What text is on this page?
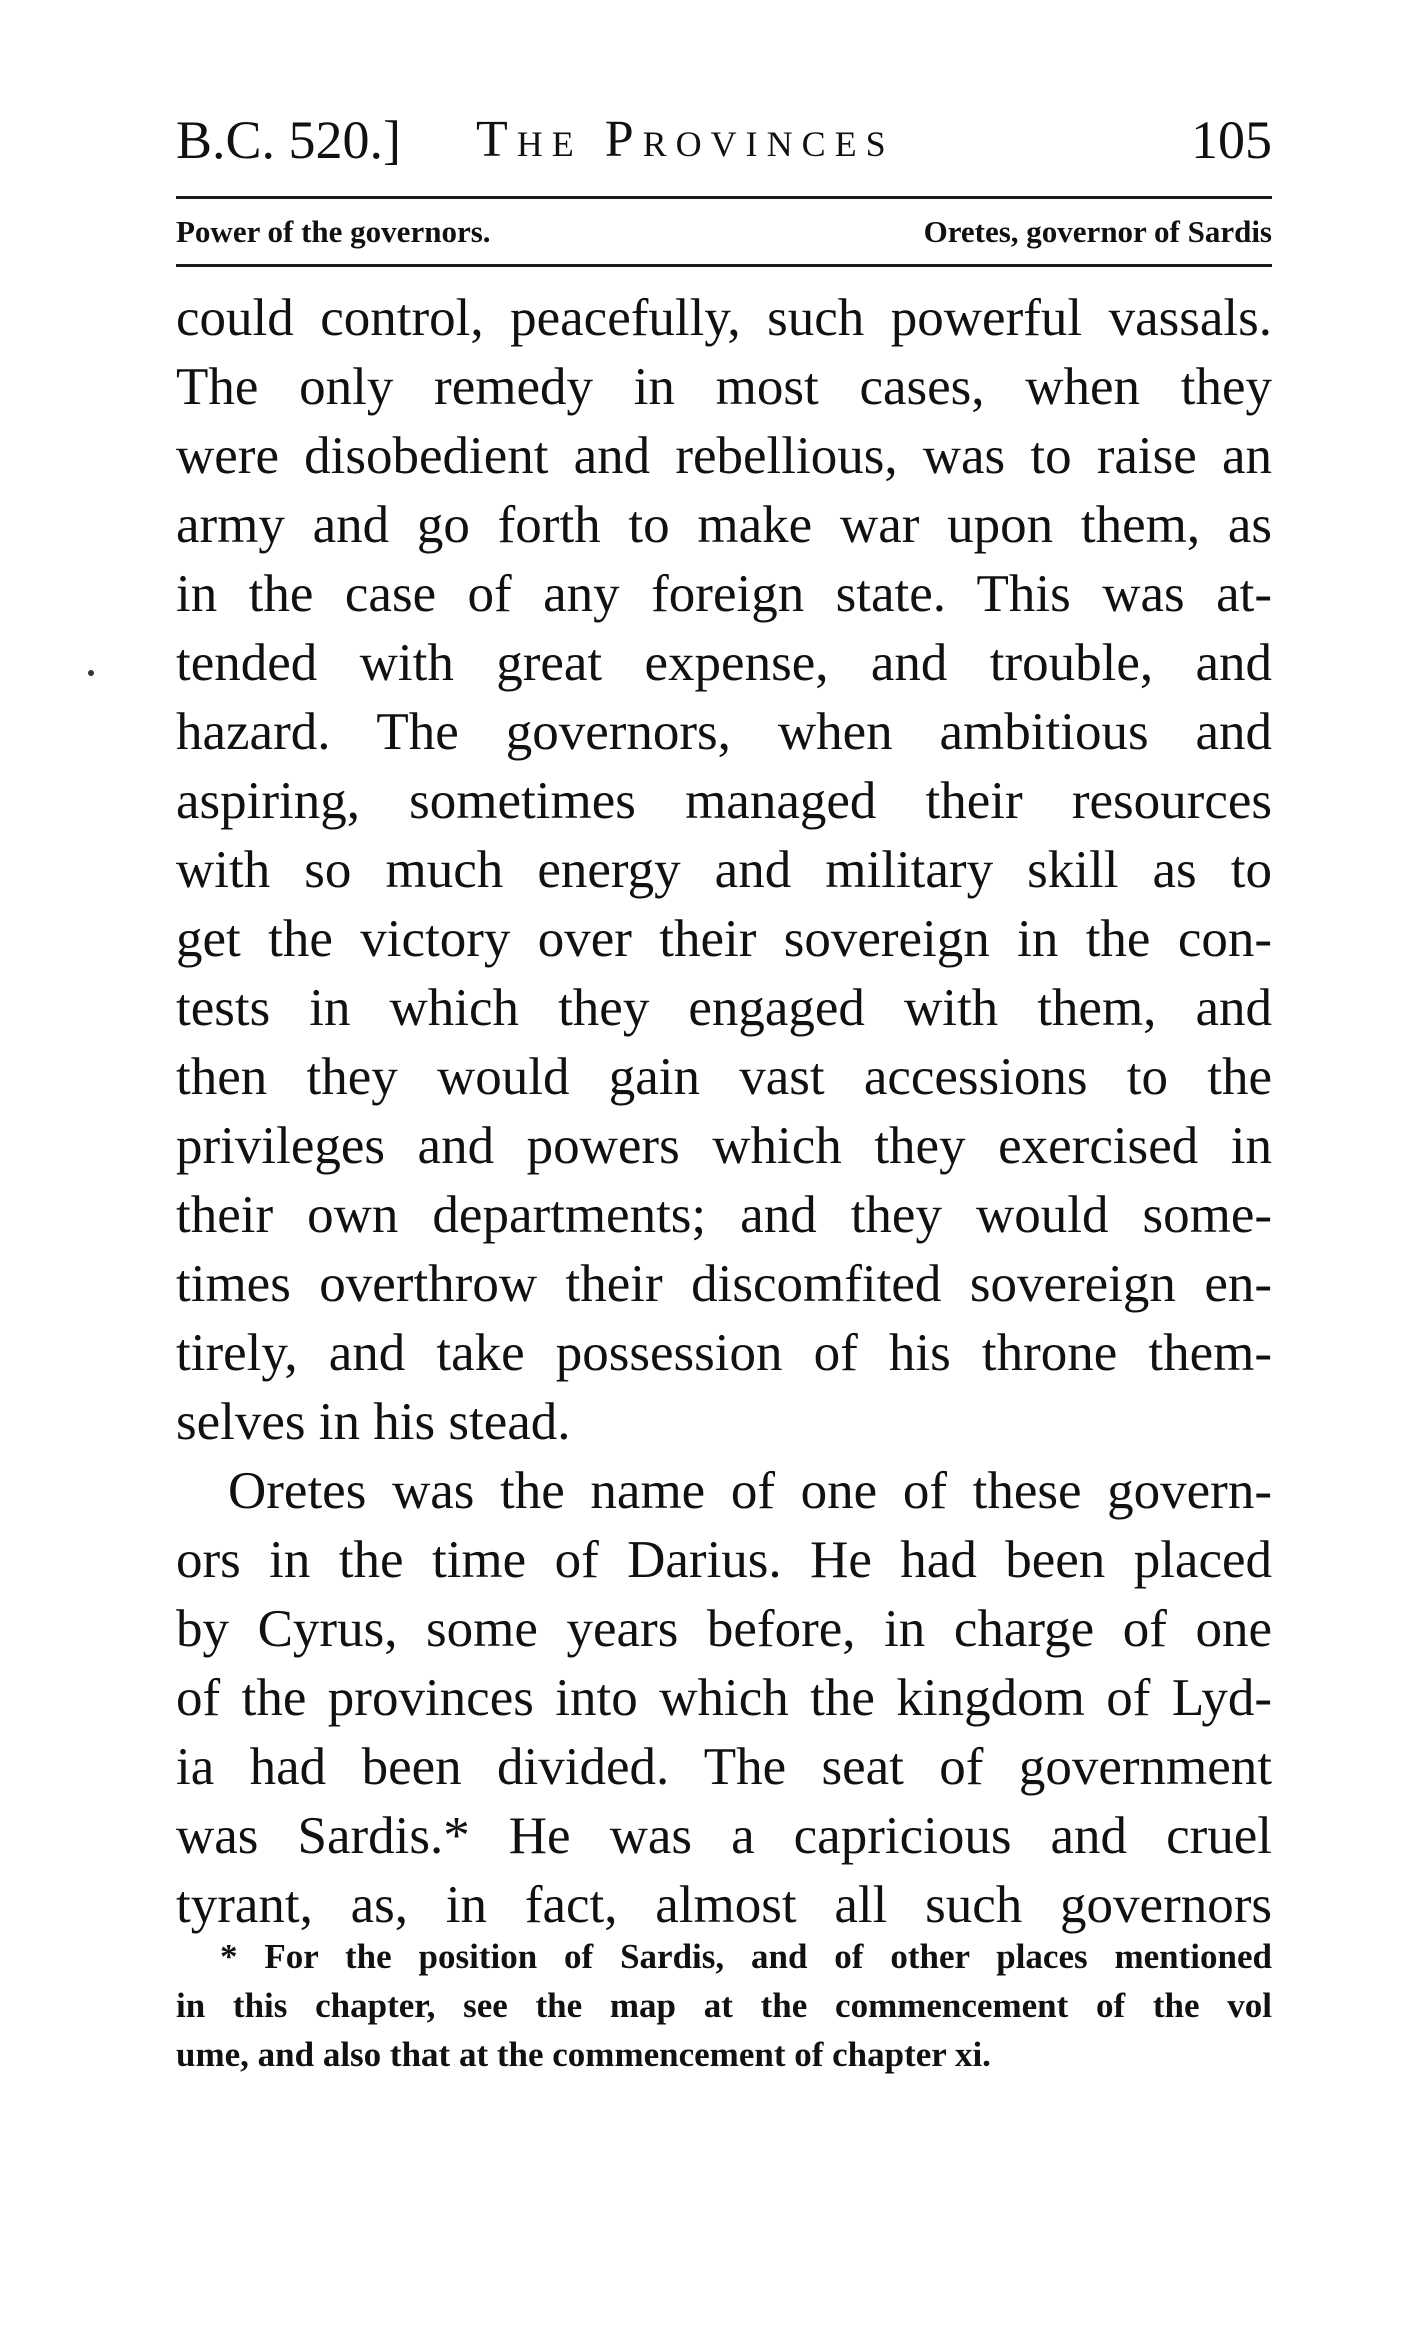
B.C. 520.] The Provinces	105
Power of the governors.	Oretes, governor of Sardis
could control, peacefully, such powerful vassals.
The only remedy in most cases, when they
were disobedient and rebellious, was to raise an
army and go forth to make war upon them, as
in the case of any foreign state. This was at-
tended with great expense, and trouble, and
hazard. The governors, when ambitious and
aspiring, sometimes managed their resources
with so much energy and military skill as to
get the victory over their sovereign in the con-
tests in which they engaged with them, and
then they would gain vast accessions to the
privileges and powers which they exercised in
their own departments; and they would some-
times overthrow their discomfited sovereign en-
tirely, and take possession of his throne them-
selves in his stead.
Oretes was the name of one of these govern-
ors in the time of Darius. He had been placed
by Cyrus, some years before, in charge of one
of the provinces into which the kingdom of Lyd-
ia had been divided. The seat of government
was Sardis.* He was a capricious and cruel
tyrant, as, in fact, almost all such governors
* For the position of Sardis, and of other places mentioned
in this chapter, see the map at the commencement of the vol
ume, and also that at the commencement of chapter xi.
